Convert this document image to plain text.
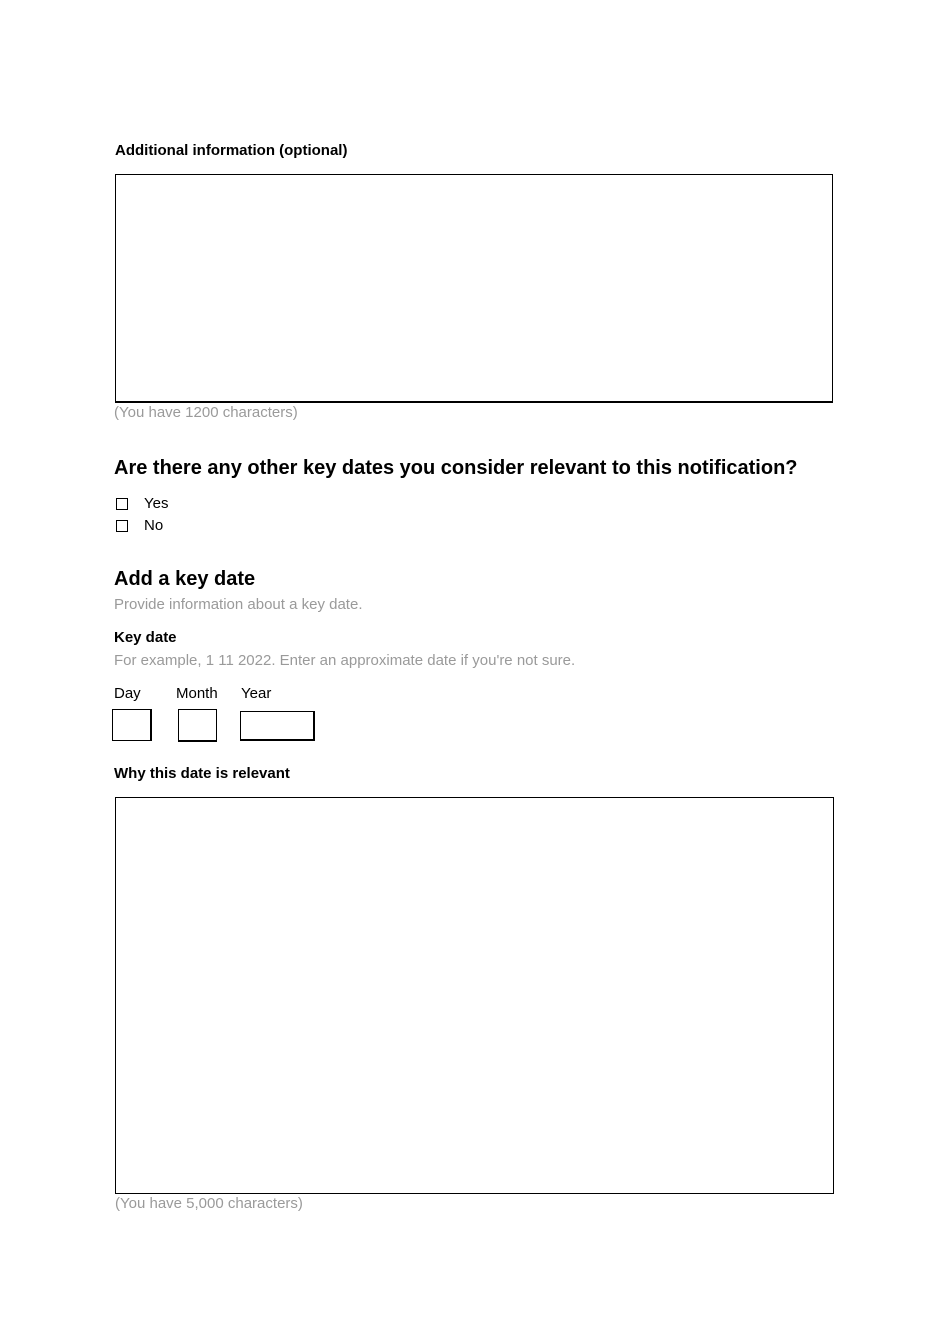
Additional information (optional)
(You have 1200 characters)
Are there any other key dates you consider relevant to this notification?
Yes
No
Add a key date
Provide information about a key date.
Key date
For example, 1 11 2022. Enter an approximate date if you're not sure.
Day Month Year
Why this date is relevant
(You have 5,000 characters)
